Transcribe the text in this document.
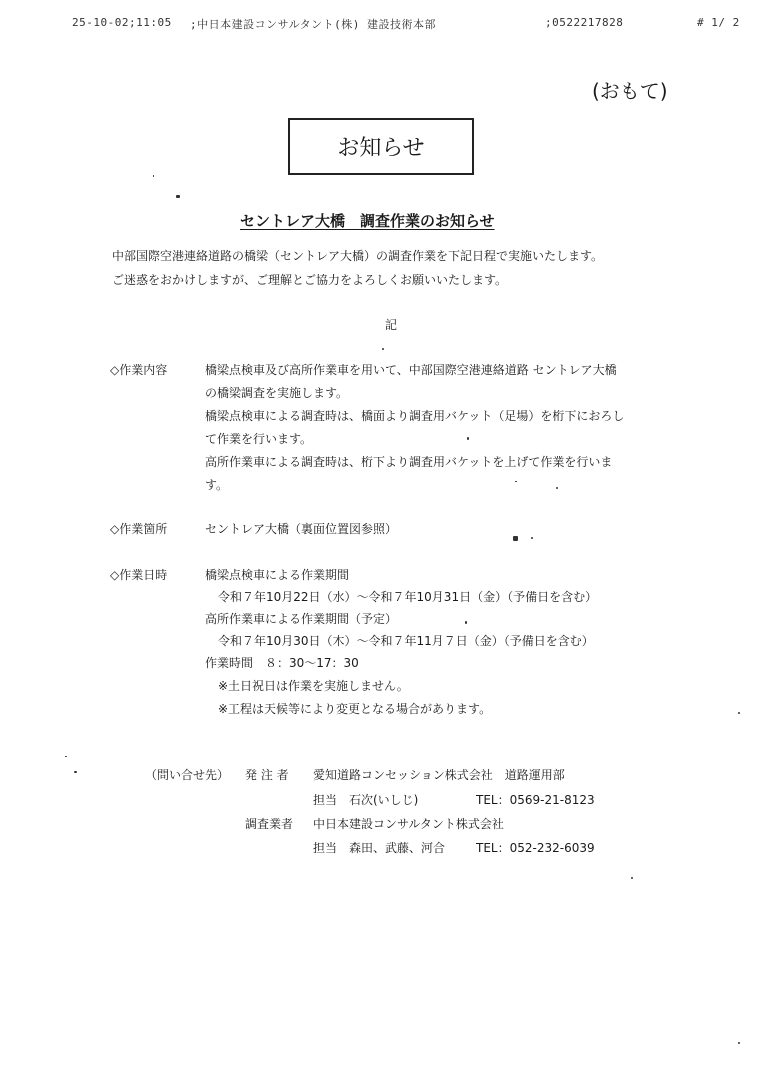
25-10-02;11:05 ;中日本建設コンサルタント(株) 建設技術本部	;0522217828	# 1/ 2
(おもて)
お知らせ
セントレア大橋　調査作業のお知らせ
中部国際空港連絡道路の橋梁（セントレア大橋）の調査作業を下記日程で実施いたします。
ご迷惑をおかけしますが、ご理解とご協力をよろしくお願いいたします。
記
◇作業内容	橋梁点検車及び高所作業車を用いて、中部国際空港連絡道路 セントレア大橋
の橋梁調査を実施します。
橋梁点検車による調査時は、橋面より調査用バケット（足場）を桁下におろし
て作業を行います。
高所作業車による調査時は、桁下より調査用バケットを上げて作業を行いま
す。
◇作業箇所	セントレア大橋（裏面位置図参照）
◇作業日時	橋梁点検車による作業期間
令和７年10月22日（水）～令和７年10月31日（金）（予備日を含む）
高所作業車による作業期間（予定）
令和７年10月30日（木）～令和７年11月７日（金）（予備日を含む）
作業時間　８：30～17：30
※土日祝日は作業を実施しません。
※工程は天候等により変更となる場合があります。
（問い合せ先） 発 注 者 愛知道路コンセッション株式会社　道路運用部
担当　石次(いしじ)	TEL：0569-21-8123
調査業者 中日本建設コンサルタント株式会社
担当　森田、武藤、河合	TEL：052-232-6039
